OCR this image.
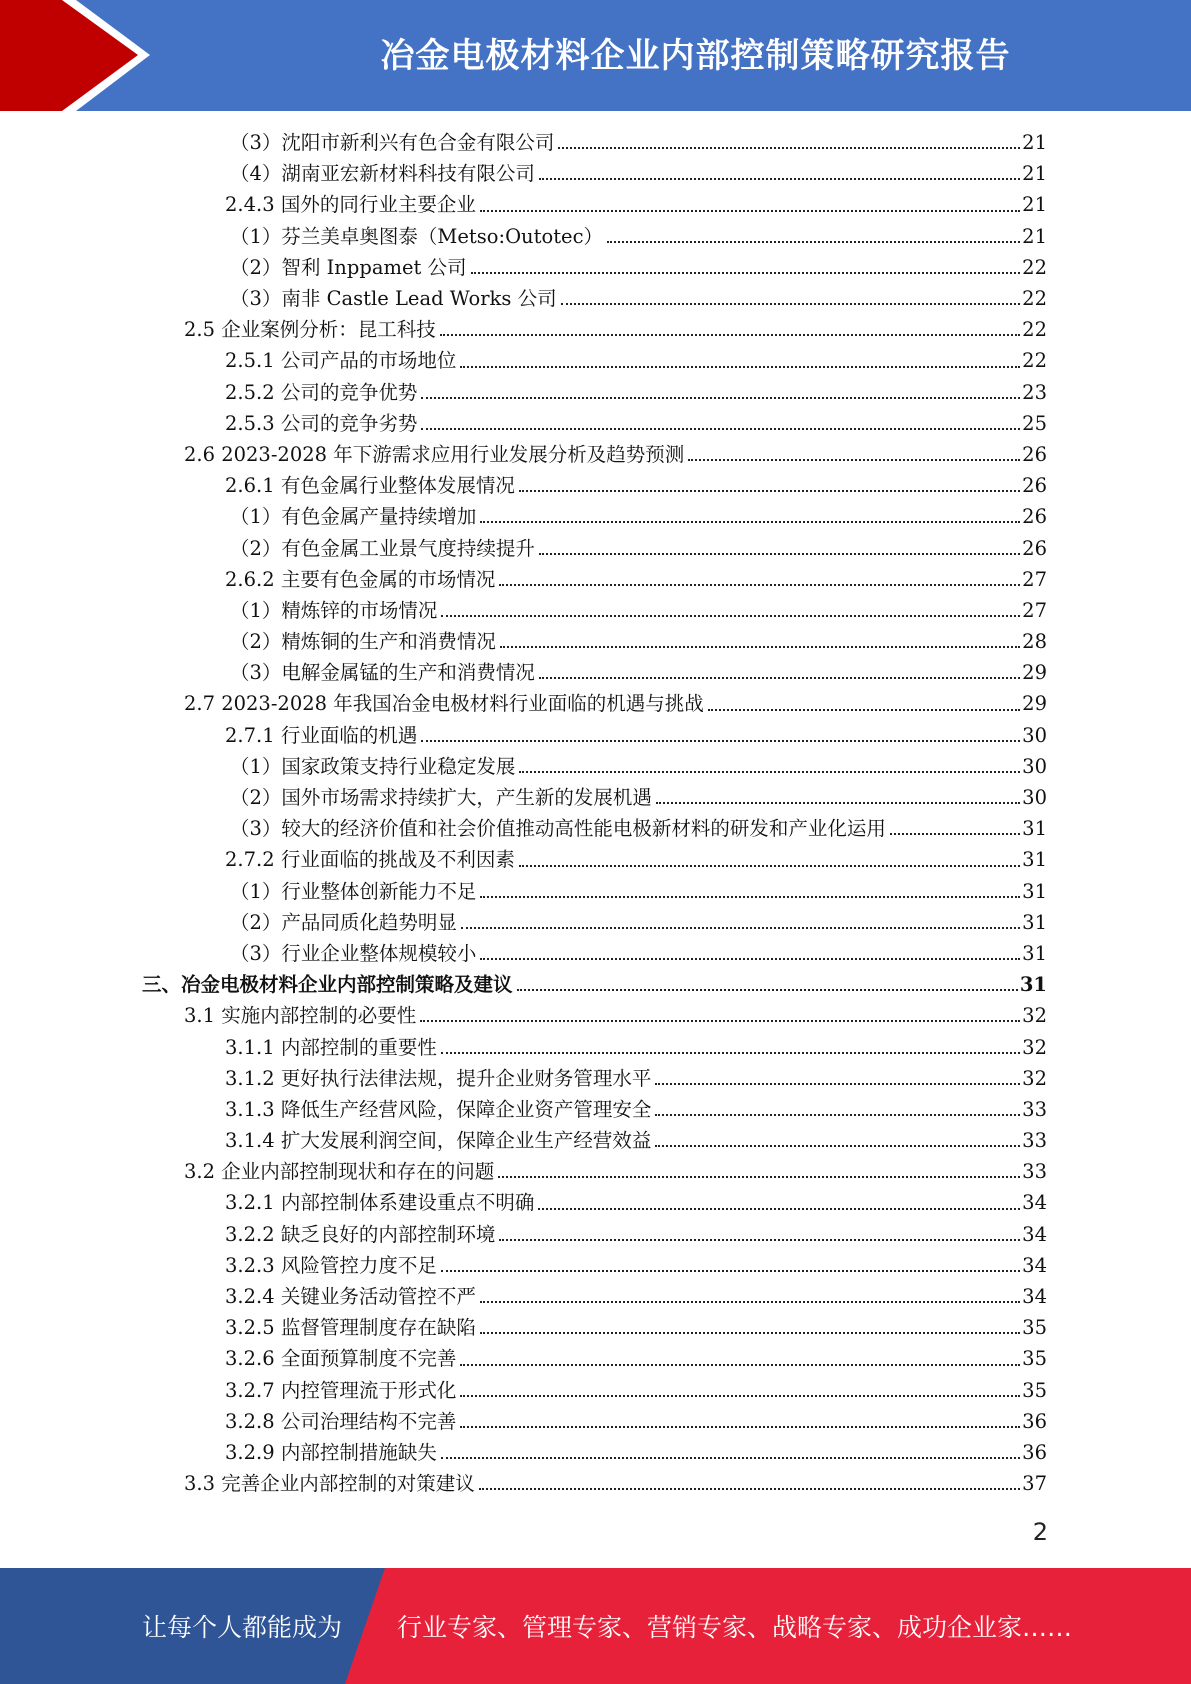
冶金电极材料企业内部控制策略研究报告
（3）沈阳市新利兴有色合金有限公司	21
（4）湖南亚宏新材料科技有限公司	21
2.4.3 国外的同行业主要企业	21
（1）芬兰美卓奥图泰（Metso:Outotec）	21
（2）智利 Inppamet 公司	22
（3）南非 Castle Lead Works 公司	22
2.5 企业案例分析：昆工科技	22
2.5.1 公司产品的市场地位	22
2.5.2 公司的竞争优势	23
2.5.3 公司的竞争劣势	25
2.6 2023-2028 年下游需求应用行业发展分析及趋势预测	26
2.6.1 有色金属行业整体发展情况	26
（1）有色金属产量持续增加	26
（2）有色金属工业景气度持续提升	26
2.6.2 主要有色金属的市场情况	27
（1）精炼锌的市场情况	27
（2）精炼铜的生产和消费情况	28
（3）电解金属锰的生产和消费情况	29
2.7 2023-2028 年我国冶金电极材料行业面临的机遇与挑战	29
2.7.1 行业面临的机遇	30
（1）国家政策支持行业稳定发展	30
（2）国外市场需求持续扩大，产生新的发展机遇	30
（3）较大的经济价值和社会价值推动高性能电极新材料的研发和产业化运用	31
2.7.2 行业面临的挑战及不利因素	31
（1）行业整体创新能力不足	31
（2）产品同质化趋势明显	31
（3）行业企业整体规模较小	31
三、冶金电极材料企业内部控制策略及建议	31
3.1 实施内部控制的必要性	32
3.1.1 内部控制的重要性	32
3.1.2 更好执行法律法规，提升企业财务管理水平	32
3.1.3 降低生产经营风险，保障企业资产管理安全	33
3.1.4 扩大发展利润空间，保障企业生产经营效益	33
3.2 企业内部控制现状和存在的问题	33
3.2.1 内部控制体系建设重点不明确	34
3.2.2 缺乏良好的内部控制环境	34
3.2.3 风险管控力度不足	34
3.2.4 关键业务活动管控不严	34
3.2.5 监督管理制度存在缺陷	35
3.2.6 全面预算制度不完善	35
3.2.7 内控管理流于形式化	35
3.2.8 公司治理结构不完善	36
3.2.9 内部控制措施缺失	36
3.3 完善企业内部控制的对策建议	37
2
让每个人都能成为 行业专家、管理专家、营销专家、战略专家、成功企业家……
